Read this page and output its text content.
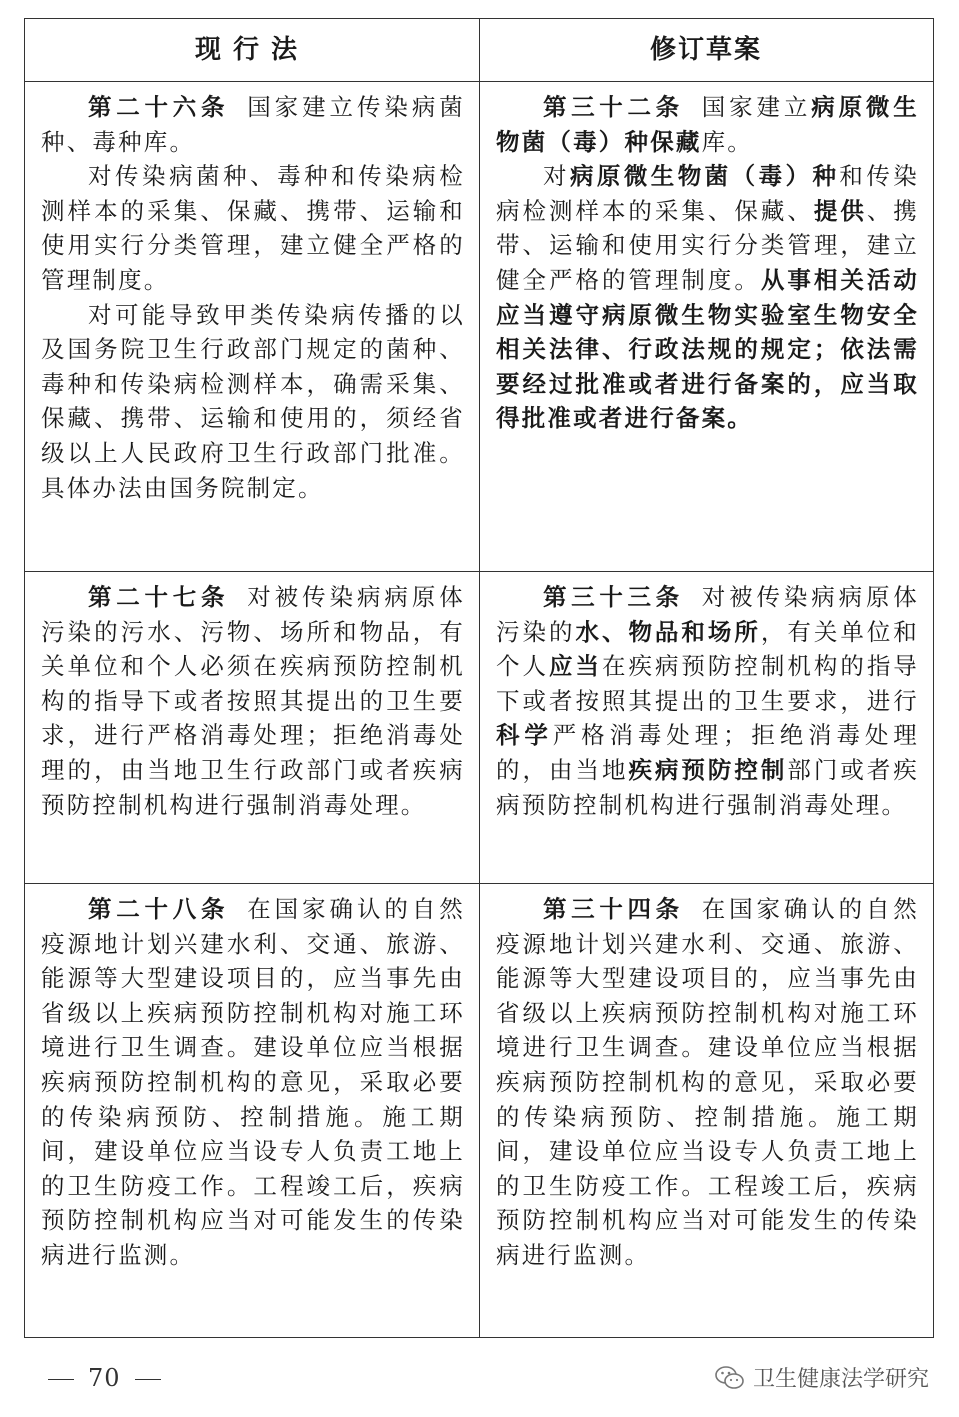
现行法	修订草案

第二十六条 国家建立传染病菌种、毒种库。

对传染病菌种、毒种和传染病检测样本的采集、保藏、携带、运输和使用实行分类管理，建立健全严格的管理制度。

对可能导致甲类传染病传播的以及国务院卫生行政部门规定的菌种、毒种和传染病检测样本，确需采集、保藏、携带、运输和使用的，须经省级以上人民政府卫生行政部门批准。具体办法由国务院制定。

第三十二条 国家建立病原微生物菌（毒）种保藏库。

对病原微生物菌（毒）种和传染病检测样本的采集、保藏、提供、携带、运输和使用实行分类管理，建立健全严格的管理制度。从事相关活动应当遵守病原微生物实验室生物安全相关法律、行政法规的规定；依法需要经过批准或者进行备案的，应当取得批准或者进行备案。

第二十七条 对被传染病病原体污染的污水、污物、场所和物品，有关单位和个人必须在疾病预防控制机构的指导下或者按照其提出的卫生要求，进行严格消毒处理；拒绝消毒处理的，由当地卫生行政部门或者疾病预防控制机构进行强制消毒处理。

第三十三条 对被传染病病原体污染的水、物品和场所，有关单位和个人应当在疾病预防控制机构的指导下或者按照其提出的卫生要求，进行科学严格消毒处理；拒绝消毒处理的，由当地疾病预防控制部门或者疾病预防控制机构进行强制消毒处理。

第二十八条 在国家确认的自然疫源地计划兴建水利、交通、旅游、能源等大型建设项目的，应当事先由省级以上疾病预防控制机构对施工环境进行卫生调查。建设单位应当根据疾病预防控制机构的意见，采取必要的传染病预防、控制措施。施工期间，建设单位应当设专人负责工地上的卫生防疫工作。工程竣工后，疾病预防控制机构应当对可能发生的传染病进行监测。

第三十四条 在国家确认的自然疫源地计划兴建水利、交通、旅游、能源等大型建设项目的，应当事先由省级以上疾病预防控制机构对施工环境进行卫生调查。建设单位应当根据疾病预防控制机构的意见，采取必要的传染病预防、控制措施。施工期间，建设单位应当设专人负责工地上的卫生防疫工作。工程竣工后，疾病预防控制机构应当对可能发生的传染病进行监测。

70	卫生健康法学研究
